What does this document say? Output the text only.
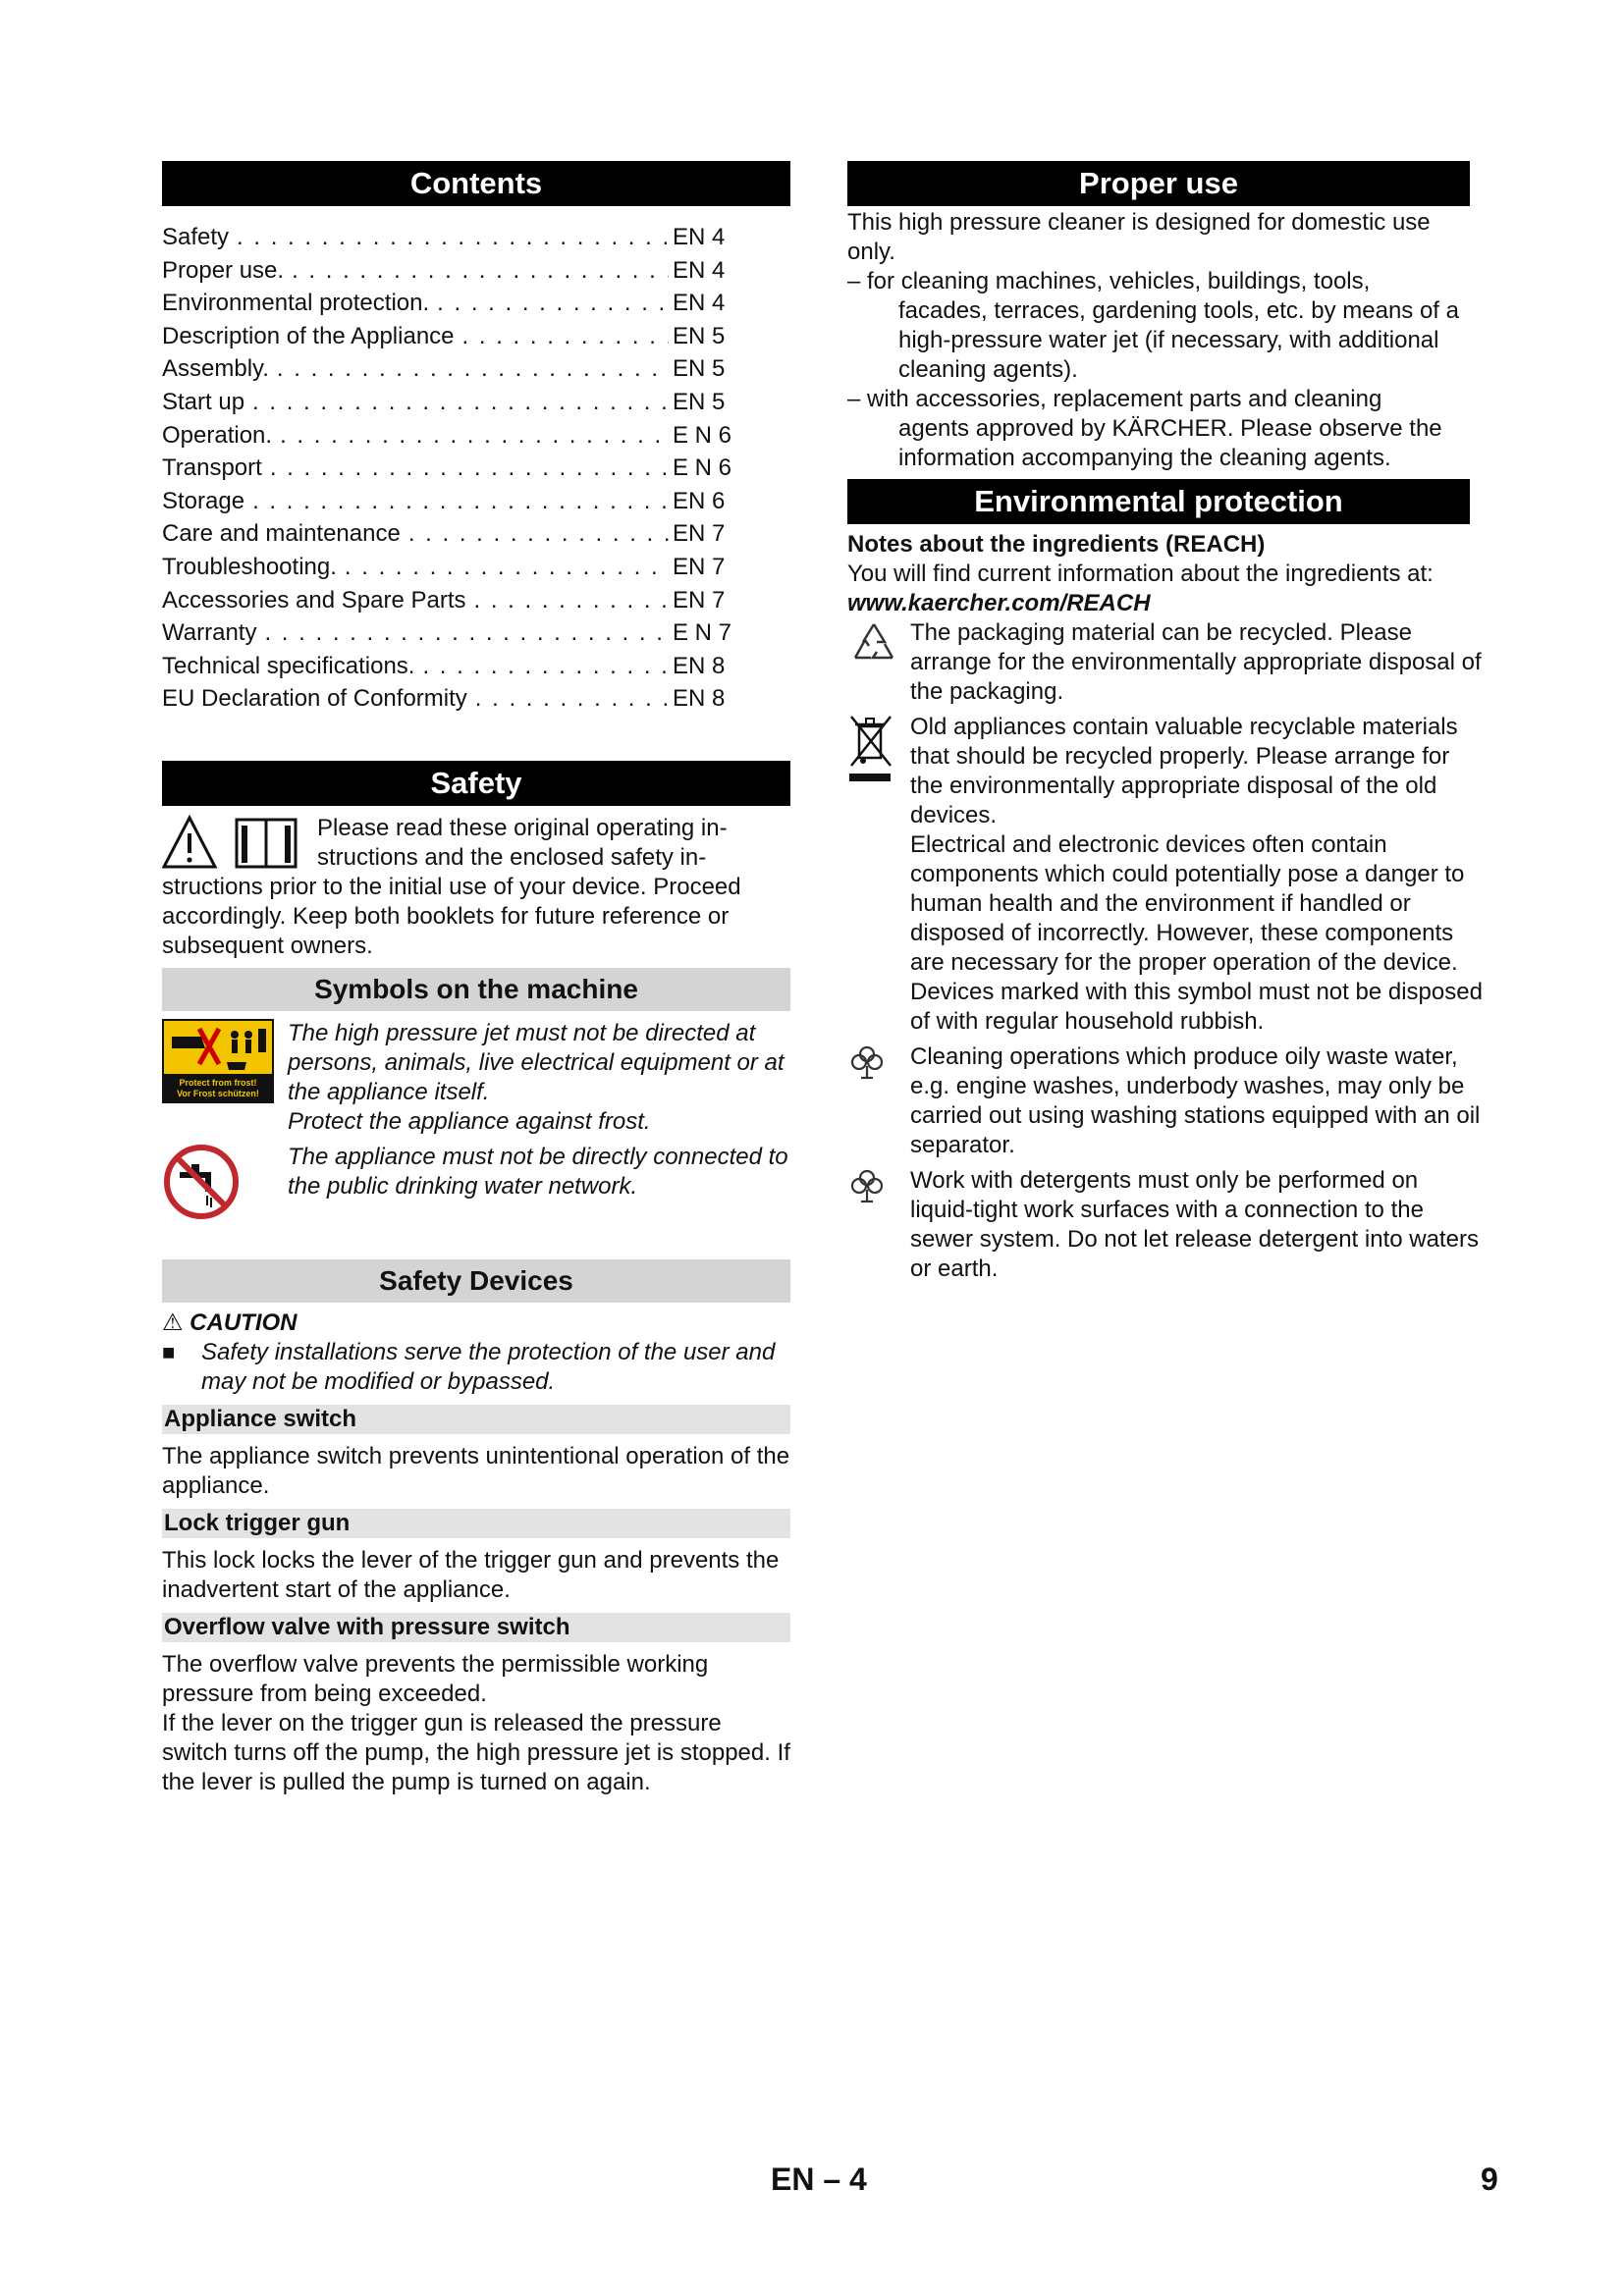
Contents
Safety . . .	EN 4
Proper use. . . .	EN 4
Environmental protection. . . .	EN 4
Description of the Appliance . . .	EN 5
Assembly. . . .	EN 5
Start up . . .	EN 5
Operation. . . .	E N 6
Transport . . .	E N 6
Storage . . .	EN 6
Care and maintenance . . .	EN 7
Troubleshooting. . . .	EN 7
Accessories and Spare Parts . . .	EN 7
Warranty . . .	E N 7
Technical specifications. . . .	EN 8
EU Declaration of Conformity . . .	EN 8
Safety

Please read these original operating in-

structions and the enclosed safety in-

structions prior to the initial use of your device. Proceed accordingly. Keep both booklets for future reference or subsequent owners.

Symbols on the machine
Protect from frost!
Vor Frost schützen!

The high pressure jet must not be directed at persons, animals, live electrical equipment or at the appliance itself.

Protect the appliance against frost.

The appliance must not be directly connected to the public drinking water network.

Safety Devices

⚠ CAUTION

■	Safety installations serve the protection of the user and may not be modified or bypassed.

Appliance switch

The appliance switch prevents unintentional operation of the appliance.

Lock trigger gun

This lock locks the lever of the trigger gun and prevents the inadvertent start of the appliance.

Overflow valve with pressure switch

The overflow valve prevents the permissible working pressure from being exceeded.

If the lever on the trigger gun is released the pressure switch turns off the pump, the high pressure jet is stopped. If the lever is pulled the pump is turned on again.

Proper use

This high pressure cleaner is designed for domestic use only.

– for cleaning machines, vehicles, buildings, tools,

facades, terraces, gardening tools, etc. by means of a high-pressure water jet (if necessary, with additional cleaning agents).

– with accessories, replacement parts and cleaning

agents approved by KÄRCHER. Please observe the information accompanying the cleaning agents.

Environmental protection

Notes about the ingredients (REACH)

You will find current information about the ingredients at:

www.kaercher.com/REACH

The packaging material can be recycled. Please arrange for the environmentally appropriate disposal of the packaging.

Old appliances contain valuable recyclable materials that should be recycled properly. Please arrange for the environmentally appropriate disposal of the old devices.

Electrical and electronic devices often contain components which could potentially pose a danger to human health and the environment if handled or disposed of incorrectly. However, these components are necessary for the proper operation of the device. Devices marked with this symbol must not be disposed of with regular household rubbish.

Cleaning operations which produce oily waste water, e.g. engine washes, underbody washes, may only be carried out using washing stations equipped with an oil separator.

Work with detergents must only be performed on liquid-tight work surfaces with a connection to the sewer system. Do not let release detergent into waters or earth.

EN – 4	9
